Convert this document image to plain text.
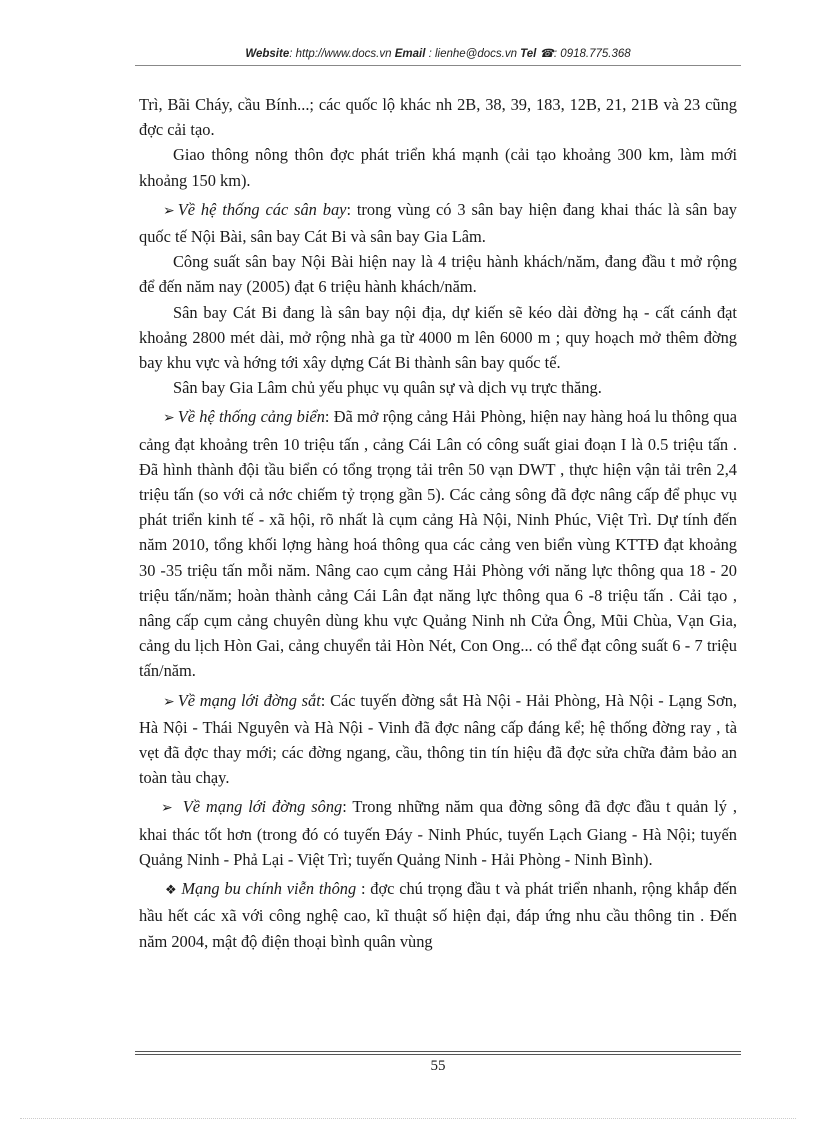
Website: http://www.docs.vn Email : lienhe@docs.vn Tel ☎: 0918.775.368

Trì, Bãi Cháy, cầu Bính...; các quốc lộ khác nh 2B, 38, 39, 183, 12B, 21, 21B và 23 cũng đợc cải tạo.

Giao thông nông thôn đợc phát triển khá mạnh (cải tạo khoảng 300 km, làm mới khoảng 150 km).

➢ Về hệ thống các sân bay: trong vùng có 3 sân bay hiện đang khai thác là sân bay quốc tế Nội Bài, sân bay Cát Bi và sân bay Gia Lâm.

Công suất sân bay Nội Bài hiện nay là 4 triệu hành khách/năm, đang đầu t mở rộng để đến năm nay (2005) đạt 6 triệu hành khách/năm.

Sân bay Cát Bi đang là sân bay nội địa, dự kiến sẽ kéo dài đờng hạ - cất cánh đạt khoảng 2800 mét dài, mở rộng nhà ga từ 4000 m lên 6000 m ; quy hoạch mở thêm đờng bay khu vực và hớng tới xây dựng Cát Bi thành sân bay quốc tế.

Sân bay Gia Lâm chủ yếu phục vụ quân sự và dịch vụ trực thăng.

➢ Về hệ thống cảng biển: Đã mở rộng cảng Hải Phòng, hiện nay hàng hoá lu thông qua cảng đạt khoảng trên 10 triệu tấn , cảng Cái Lân có công suất giai đoạn I là 0.5 triệu tấn . Đã hình thành đội tầu biển có tổng trọng tải trên 50 vạn DWT , thực hiện vận tải trên 2,4 triệu tấn (so với cả nớc chiếm tỷ trọng gần 5). Các cảng sông đã đợc nâng cấp để phục vụ phát triển kinh tế - xã hội, rõ nhất là cụm cảng Hà Nội, Ninh Phúc, Việt Trì. Dự tính đến năm 2010, tổng khối lợng hàng hoá thông qua các cảng ven biển vùng KTTĐ đạt khoảng 30 -35 triệu tấn mỗi năm. Nâng cao cụm cảng Hải Phòng với năng lực thông qua 18 - 20 triệu tấn/năm; hoàn thành cảng Cái Lân đạt năng lực thông qua 6 -8 triệu tấn . Cải tạo , nâng cấp cụm cảng chuyên dùng khu vực Quảng Ninh nh Cửa Ông, Mũi Chùa, Vạn Gia, cảng du lịch Hòn Gai, cảng chuyển tải Hòn Nét, Con Ong... có thể đạt công suất 6 - 7 triệu tấn/năm.

➢ Về mạng lới đờng sắt: Các tuyến đờng sắt Hà Nội - Hải Phòng, Hà Nội - Lạng Sơn, Hà Nội - Thái Nguyên và Hà Nội - Vinh đã đợc nâng cấp đáng kể; hệ thống đờng ray , tà vẹt đã đợc thay mới; các đờng ngang, cầu, thông tin tín hiệu đã đợc sửa chữa đảm bảo an toàn tàu chạy.

➢ Về mạng lới đờng sông: Trong những năm qua đờng sông đã đợc đầu t quản lý , khai thác tốt hơn (trong đó có tuyến Đáy - Ninh Phúc, tuyến Lạch Giang - Hà Nội; tuyến Quảng Ninh - Phả Lại - Việt Trì; tuyến Quảng Ninh - Hải Phòng - Ninh Bình).

❖ Mạng bu chính viễn thông : đợc chú trọng đầu t và phát triển nhanh, rộng khắp đến hầu hết các xã với công nghệ cao, kĩ thuật số hiện đại, đáp ứng nhu cầu thông tin . Đến năm 2004, mật độ điện thoại bình quân vùng

55
